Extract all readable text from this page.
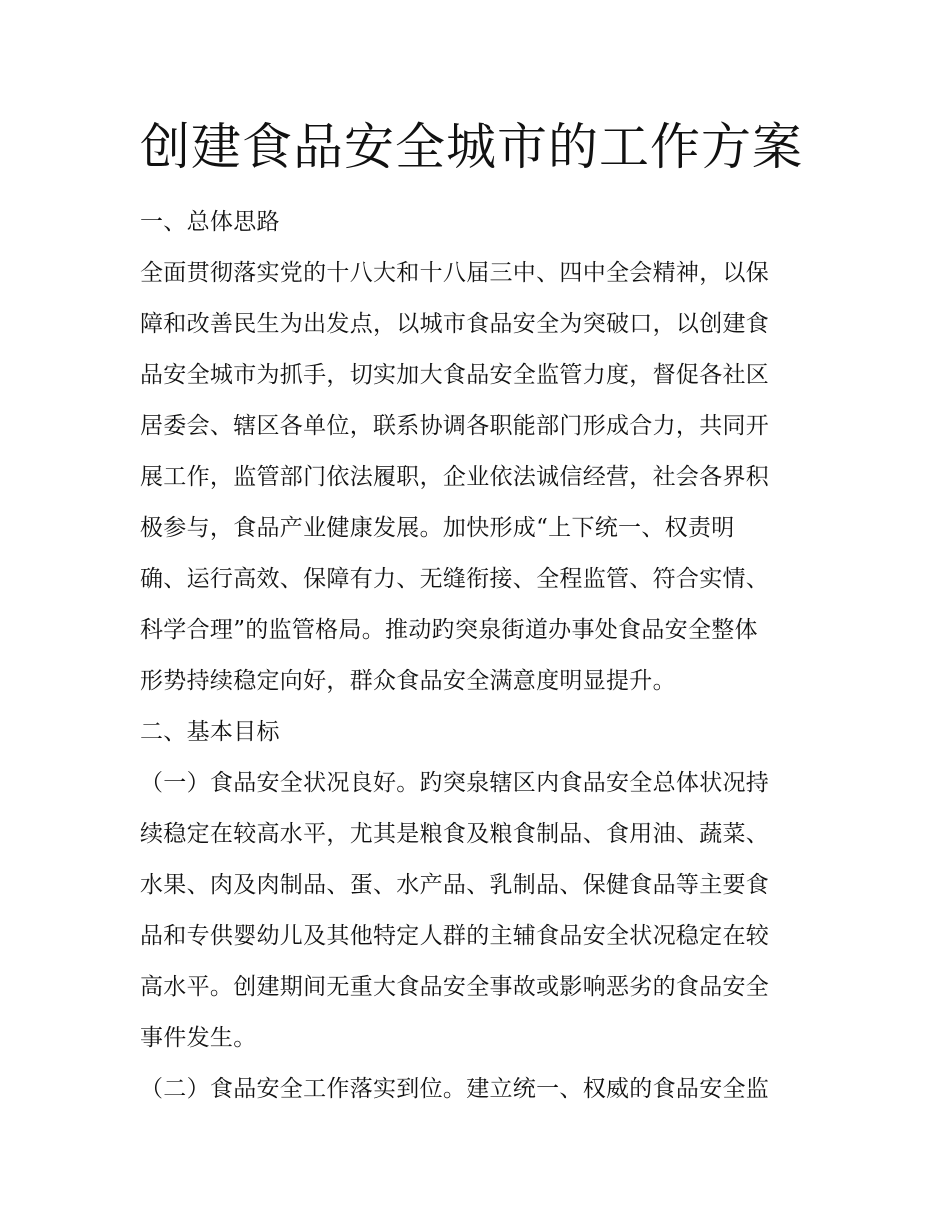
创建食品安全城市的工作方案
一、总体思路
全面贯彻落实党的十八大和十八届三中、四中全会精神，以保
障和改善民生为出发点，以城市食品安全为突破口，以创建食
品安全城市为抓手，切实加大食品安全监管力度，督促各社区
居委会、辖区各单位，联系协调各职能部门形成合力，共同开
展工作，监管部门依法履职，企业依法诚信经营，社会各界积
极参与，食品产业健康发展。加快形成“上下统一、权责明
确、运行高效、保障有力、无缝衔接、全程监管、符合实情、
科学合理”的监管格局。推动趵突泉街道办事处食品安全整体
形势持续稳定向好，群众食品安全满意度明显提升。
二、基本目标
（一）食品安全状况良好。趵突泉辖区内食品安全总体状况持
续稳定在较高水平，尤其是粮食及粮食制品、食用油、蔬菜、
水果、肉及肉制品、蛋、水产品、乳制品、保健食品等主要食
品和专供婴幼儿及其他特定人群的主辅食品安全状况稳定在较
高水平。创建期间无重大食品安全事故或影响恶劣的食品安全
事件发生。
（二）食品安全工作落实到位。建立统一、权威的食品安全监
